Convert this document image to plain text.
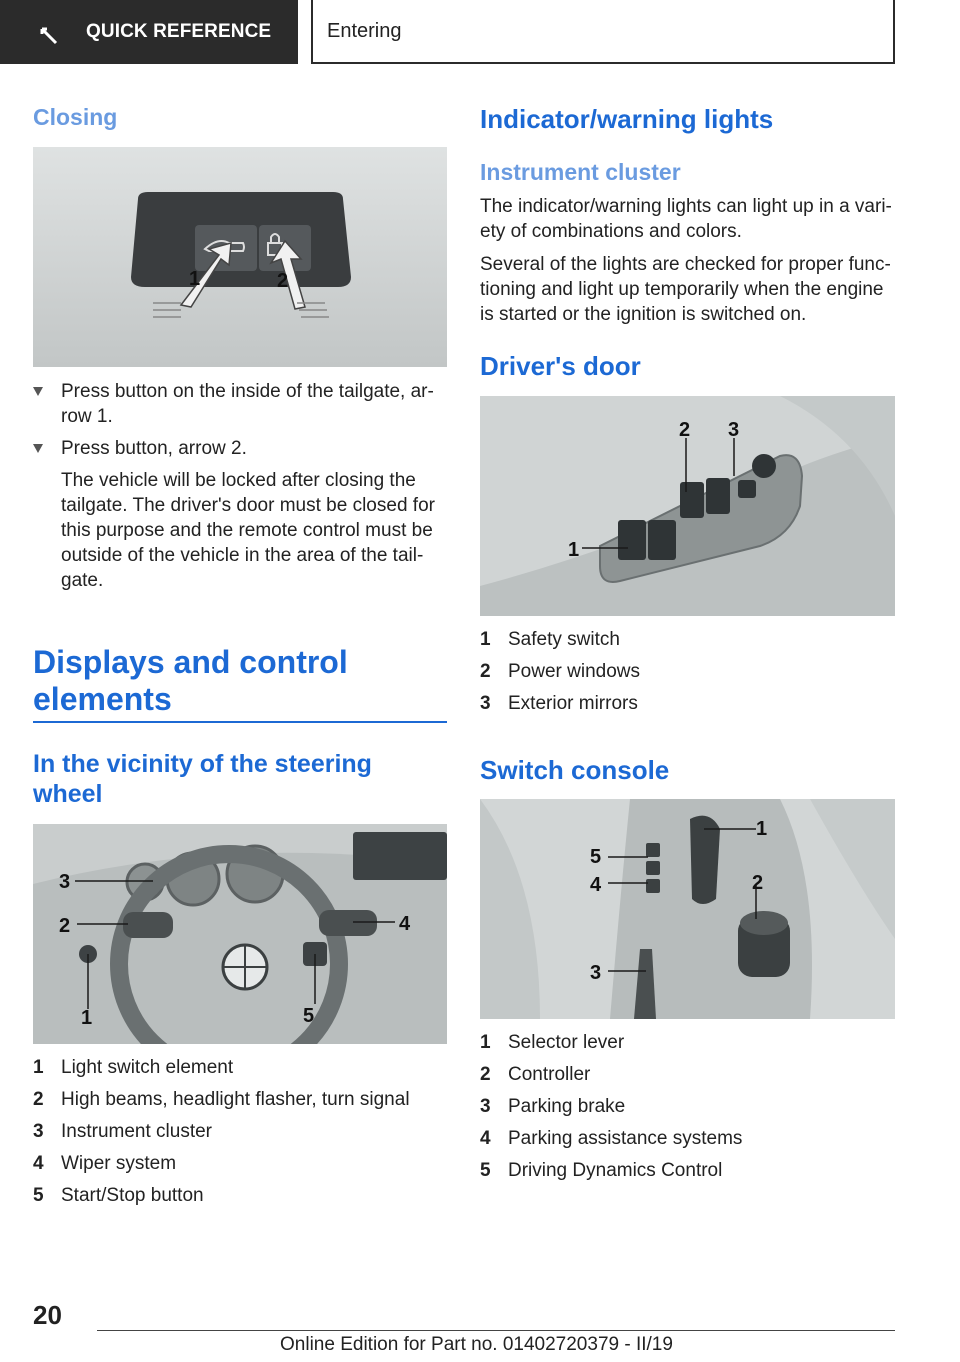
QUICK REFERENCE	Entering
Closing
1	2
Press button on the inside of the tailgate, ar-
row 1.
Press button, arrow 2.
The vehicle will be locked after closing the
tailgate. The driver's door must be closed for
this purpose and the remote control must be
outside of the vehicle in the area of the tail-
gate.
Displays and control
elements
In the vicinity of the steering
wheel
3
2
1
4
5
1 Light switch element
2 High beams, headlight flasher, turn signal
3 Instrument cluster
4 Wiper system
5 Start/Stop button
Indicator/warning lights
Instrument cluster
The indicator/warning lights can light up in a vari-
ety of combinations and colors.
Several of the lights are checked for proper func-
tioning and light up temporarily when the engine
is started or the ignition is switched on.
Driver's door
1
2 3
1 Safety switch
2 Power windows
3 Exterior mirrors
Switch console
1
5
4	2
3
1 Selector lever
2 Controller
3 Parking brake
4 Parking assistance systems
5 Driving Dynamics Control
20
Online Edition for Part no. 01402720379 - II/19
